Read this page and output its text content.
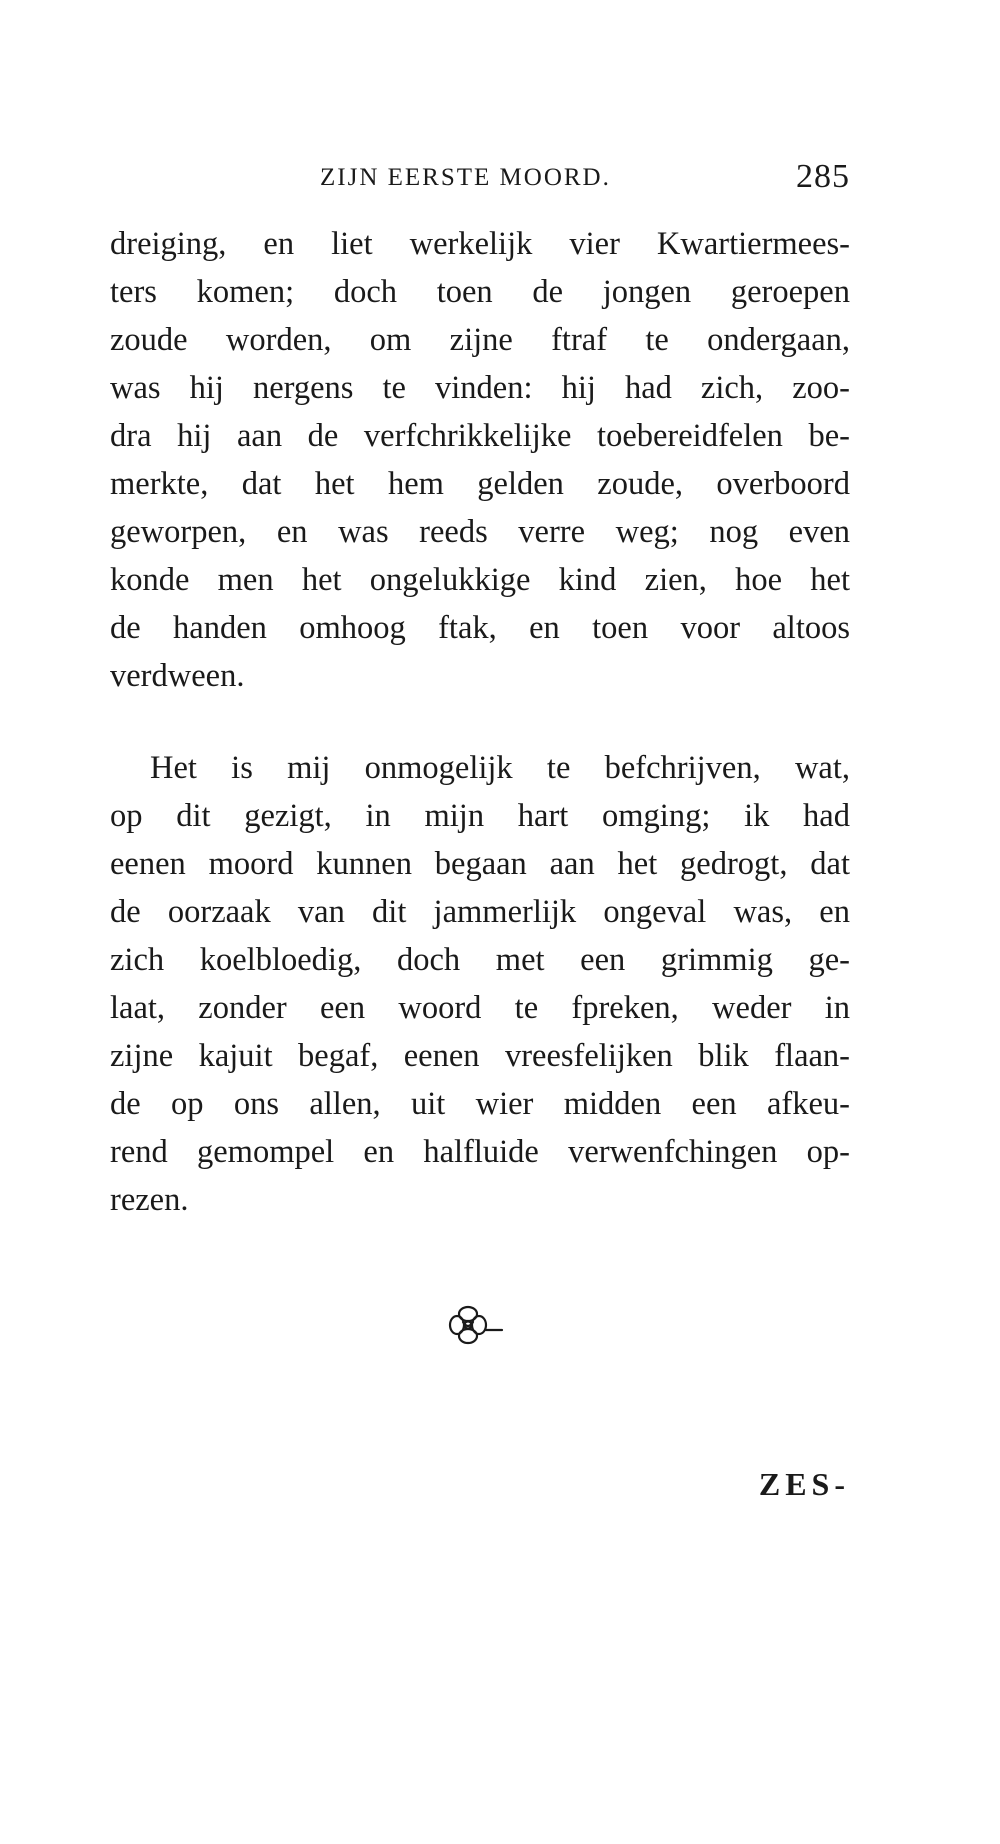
ZIJN EERSTE MOORD.	285

dreiging, en liet werkelijk vier Kwartiermees-
ters komen; doch toen de jongen geroepen
zoude worden, om zijne ftraf te ondergaan,
was hij nergens te vinden: hij had zich, zoo-
dra hij aan de verfchrikkelijke toebereidfelen be-
merkte, dat het hem gelden zoude, overboord
geworpen, en was reeds verre weg; nog even
konde men het ongelukkige kind zien, hoe het
de handen omhoog ftak, en toen voor altoos
verdween.

Het is mij onmogelijk te befchrijven, wat,
op dit gezigt, in mijn hart omging; ik had
eenen moord kunnen begaan aan het gedrogt, dat
de oorzaak van dit jammerlijk ongeval was, en
zich koelbloedig, doch met een grimmig ge-
laat, zonder een woord te fpreken, weder in
zijne kajuit begaf, eenen vreesfelijken blik flaan-
de op ons allen, uit wier midden een afkeu-
rend gemompel en halfluide verwenfchingen op-
rezen.

ZES-
